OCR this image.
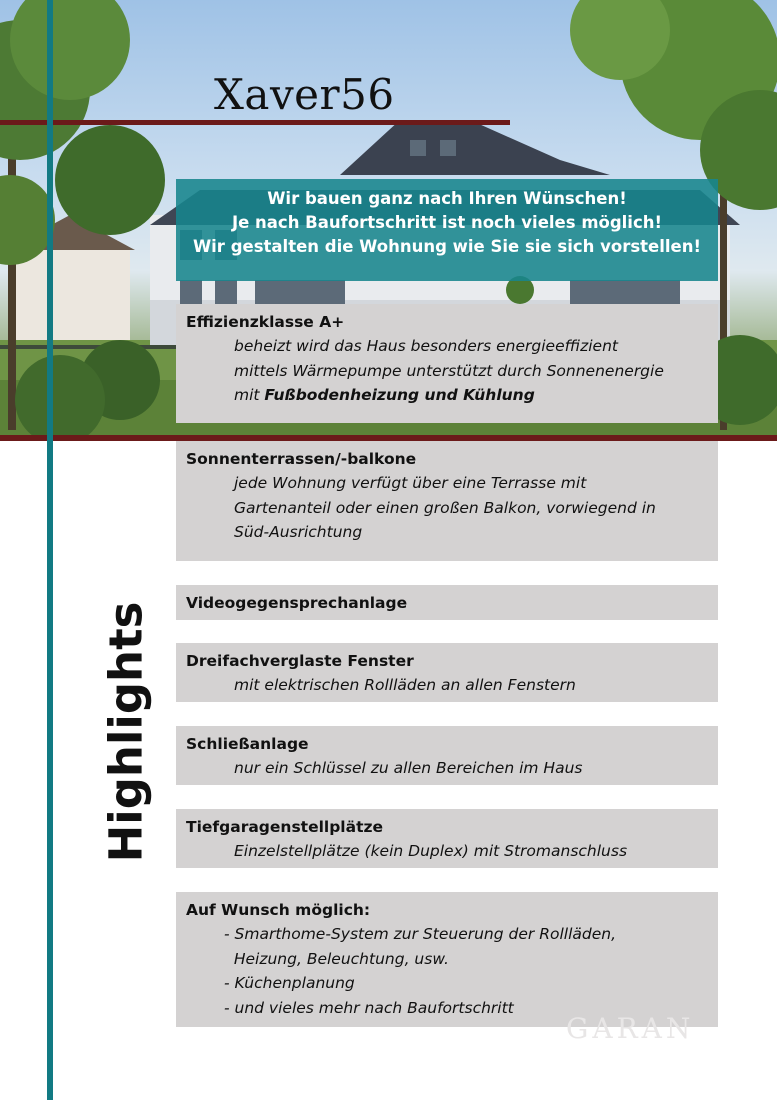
Xaver56
Wir bauen ganz nach Ihren Wünschen!
Je nach Baufortschritt ist noch vieles möglich!
Wir gestalten die Wohnung wie Sie sie sich vorstellen!
Effizienzklasse A+
beheizt wird das Haus besonders energieeffizient
mittels Wärmepumpe unterstützt durch Sonnenenergie
mit Fußbodenheizung und Kühlung
Sonnenterrassen/-balkone
jede Wohnung verfügt über eine Terrasse mit
Gartenanteil oder einen großen Balkon, vorwiegend in
Süd-Ausrichtung
Videogegensprechanlage
Dreifachverglaste Fenster
mit elektrischen Rollläden an allen Fenstern
Schließanlage
nur ein Schlüssel zu allen Bereichen im Haus
Tiefgaragenstellplätze
Einzelstellplätze (kein Duplex) mit Stromanschluss
Auf Wunsch möglich:
- Smarthome-System zur Steuerung der Rollläden,
Heizung, Beleuchtung, usw.
- Küchenplanung
- und vieles mehr nach Baufortschritt
Highlights
GARAN
